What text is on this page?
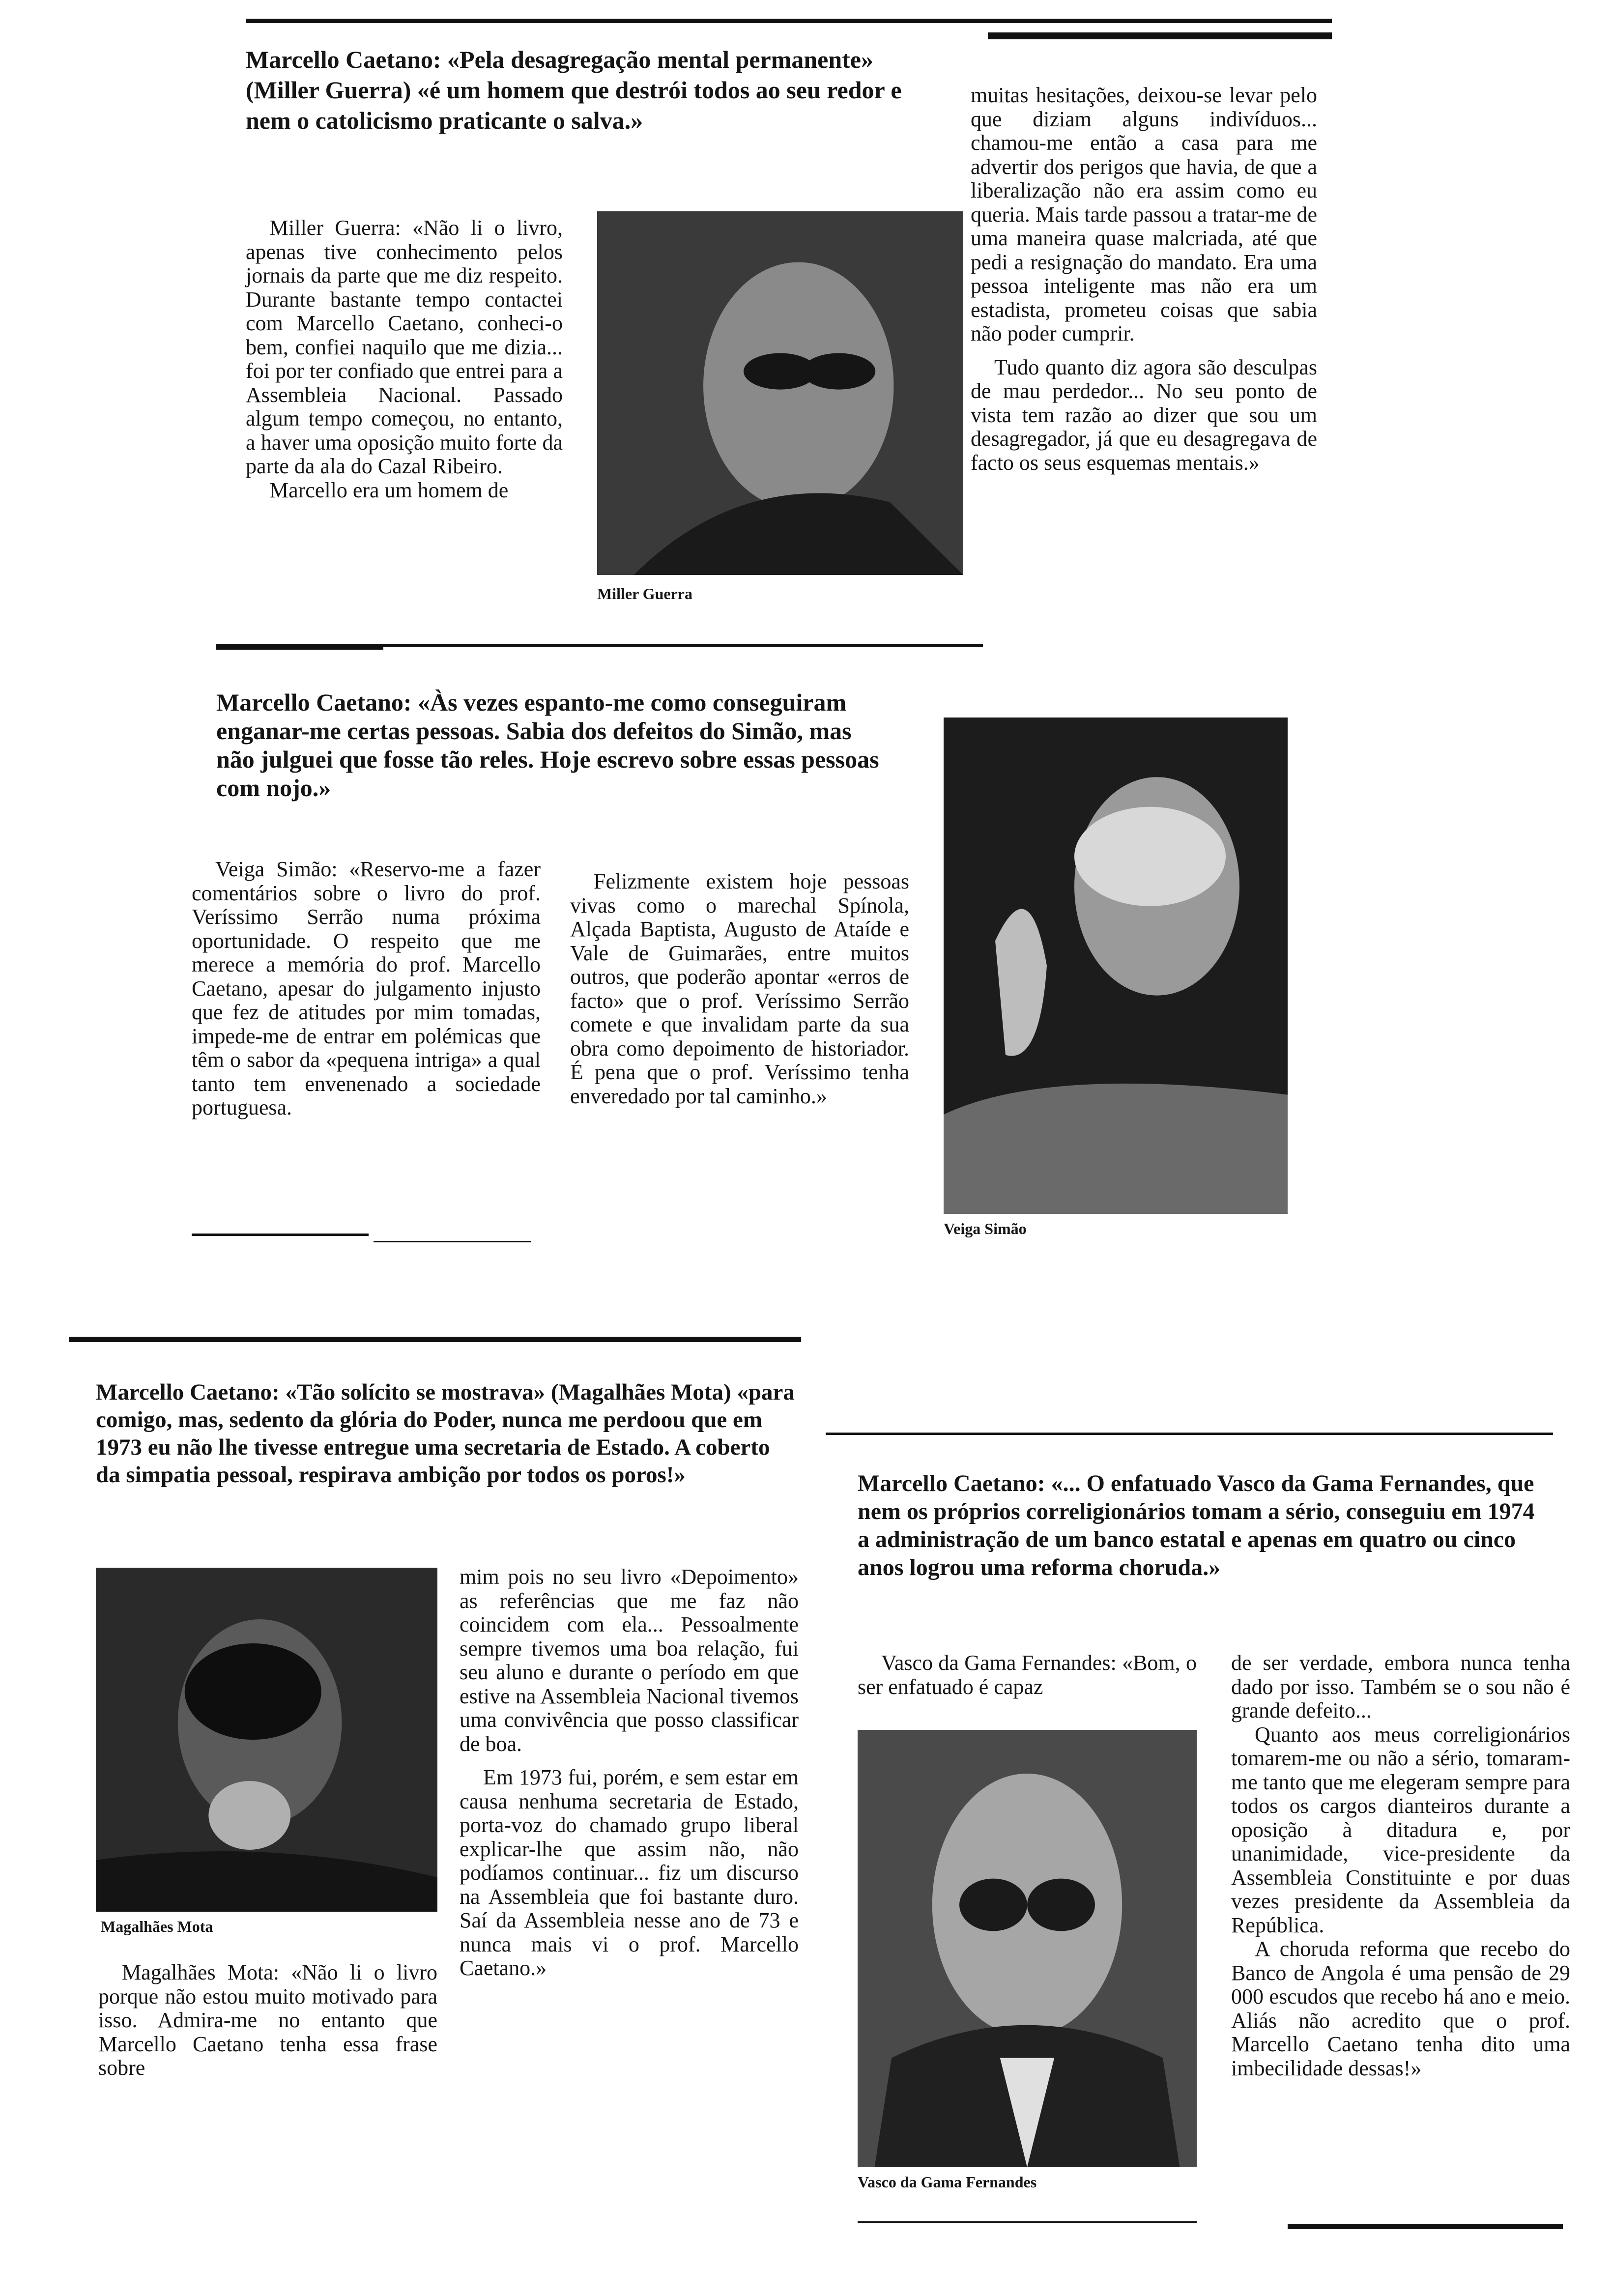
Marcello Caetano: «Pela desagregação mental permanente» (Miller Guerra) «é um homem que destrói todos ao seu redor e nem o catolicismo praticante o salva.»

Miller Guerra: «Não li o livro, apenas tive conhecimento pelos jornais da parte que me diz respeito. Durante bastante tempo contactei com Marcello Caetano, conheci-o bem, confiei naquilo que me dizia... foi por ter confiado que entrei para a Assembleia Nacional. Passado algum tempo começou, no entanto, a haver uma oposição muito forte da parte da ala do Cazal Ribeiro.

Marcello era um homem de

Miller Guerra

muitas hesitações, deixou-se levar pelo que diziam alguns indivíduos... chamou-me então a casa para me advertir dos perigos que havia, de que a liberalização não era assim como eu queria. Mais tarde passou a tratar-me de uma maneira quase malcriada, até que pedi a resignação do mandato. Era uma pessoa inteligente mas não era um estadista, prometeu coisas que sabia não poder cumprir.

Tudo quanto diz agora são desculpas de mau perdedor... No seu ponto de vista tem razão ao dizer que sou um desagregador, já que eu desagregava de facto os seus esquemas mentais.»

Marcello Caetano: «Às vezes espanto-me como conseguiram enganar-me certas pessoas. Sabia dos defeitos do Simão, mas não julguei que fosse tão reles. Hoje escrevo sobre essas pessoas com nojo.»

Veiga Simão: «Reservo-me a fazer comentários sobre o livro do prof. Veríssimo Serrão numa próxima oportunidade. O respeito que me merece a memória do prof. Marcello Caetano, apesar do julgamento injusto que fez de atitudes por mim tomadas, impede-me de entrar em polémicas que têm o sabor da «pequena intriga» a qual tanto tem envenenado a sociedade portuguesa.

Felizmente existem hoje pessoas vivas como o marechal Spínola, Alçada Baptista, Augusto de Ataíde e Vale de Guimarães, entre muitos outros, que poderão apontar «erros de facto» que o prof. Veríssimo Serrão comete e que invalidam parte da sua obra como depoimento de historiador. É pena que o prof. Veríssimo tenha enveredado por tal caminho.»

Veiga Simão
Marcello Caetano: «Tão solícito se mostrava» (Magalhães Mota) «para comigo, mas, sedento da glória do Poder, nunca me perdoou que em 1973 eu não lhe tivesse entregue uma secretaria de Estado. A coberto da simpatia pessoal, respirava ambição por todos os poros!»
Magalhães Mota

Magalhães Mota: «Não li o livro porque não estou muito motivado para isso. Admira-me no entanto que Marcello Caetano tenha essa frase sobre

mim pois no seu livro «Depoimento» as referências que me faz não coincidem com ela... Pessoalmente sempre tivemos uma boa relação, fui seu aluno e durante o período em que estive na Assembleia Nacional tivemos uma convivência que posso classificar de boa.

Em 1973 fui, porém, e sem estar em causa nenhuma secretaria de Estado, porta-voz do chamado grupo liberal explicar-lhe que assim não, não podíamos continuar... fiz um discurso na Assembleia que foi bastante duro. Saí da Assembleia nesse ano de 73 e nunca mais vi o prof. Marcello Caetano.»

Marcello Caetano: «... O enfatuado Vasco da Gama Fernandes, que nem os próprios correligionários tomam a sério, conseguiu em 1974 a administração de um banco estatal e apenas em quatro ou cinco anos logrou uma reforma choruda.»

Vasco da Gama Fernandes: «Bom, o ser enfatuado é capaz

Vasco da Gama Fernandes

de ser verdade, embora nunca tenha dado por isso. Também se o sou não é grande defeito...

Quanto aos meus correligionários tomarem-me ou não a sério, tomaram-me tanto que me elegeram sempre para todos os cargos dianteiros durante a oposição à ditadura e, por unanimidade, vice-presidente da Assembleia Constituinte e por duas vezes presidente da Assembleia da República.

A choruda reforma que recebo do Banco de Angola é uma pensão de 29 000 escudos que recebo há ano e meio. Aliás não acredito que o prof. Marcello Caetano tenha dito uma imbecilidade dessas!»
